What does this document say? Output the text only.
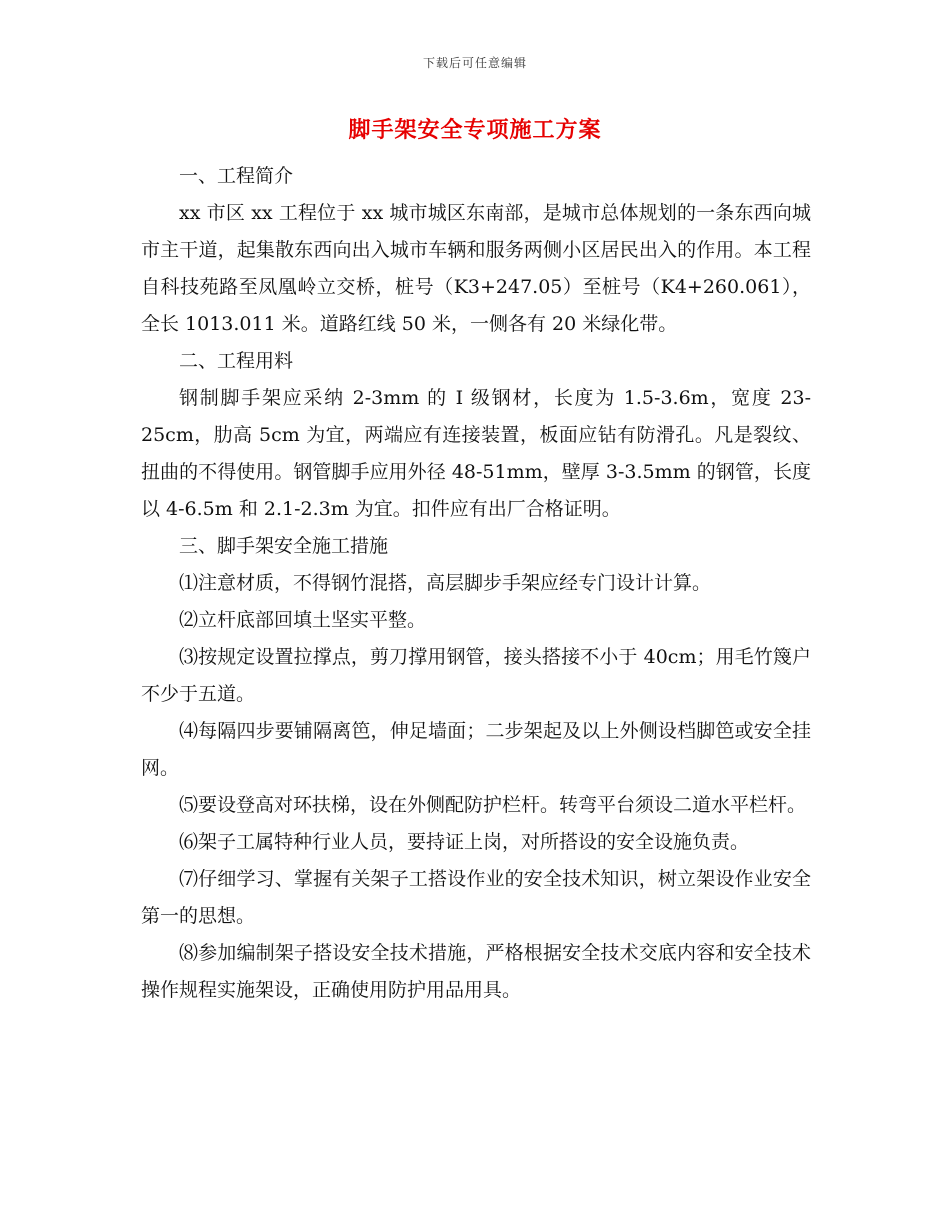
下载后可任意编辑
脚手架安全专项施工方案

一、工程简介

xx 市区 xx 工程位于 xx 城市城区东南部，是城市总体规划的一条东西向城市主干道，起集散东西向出入城市车辆和服务两侧小区居民出入的作用。本工程自科技苑路至凤凰岭立交桥，桩号（K3+247.05）至桩号（K4+260.061），全长 1013.011 米。道路红线 50 米，一侧各有 20 米绿化带。

二、工程用料

钢制脚手架应采纳 2-3mm 的 I 级钢材，长度为 1.5-3.6m，宽度 23-25cm，肋高 5cm 为宜，两端应有连接装置，板面应钻有防滑孔。凡是裂纹、扭曲的不得使用。钢管脚手应用外径 48-51mm，壁厚 3-3.5mm 的钢管，长度以 4-6.5m 和 2.1-2.3m 为宜。扣件应有出厂合格证明。

三、脚手架安全施工措施

⑴注意材质，不得钢竹混搭，高层脚步手架应经专门设计计算。

⑵立杆底部回填土坚实平整。

⑶按规定设置拉撑点，剪刀撑用钢管，接头搭接不小于 40cm；用毛竹篾户不少于五道。

⑷每隔四步要铺隔离笆，伸足墙面；二步架起及以上外侧设档脚笆或安全挂网。

⑸要设登高对环扶梯，设在外侧配防护栏杆。转弯平台须设二道水平栏杆。

⑹架子工属特种行业人员，要持证上岗，对所搭设的安全设施负责。

⑺仔细学习、掌握有关架子工搭设作业的安全技术知识，树立架设作业安全第一的思想。

⑻参加编制架子搭设安全技术措施，严格根据安全技术交底内容和安全技术操作规程实施架设，正确使用防护用品用具。
